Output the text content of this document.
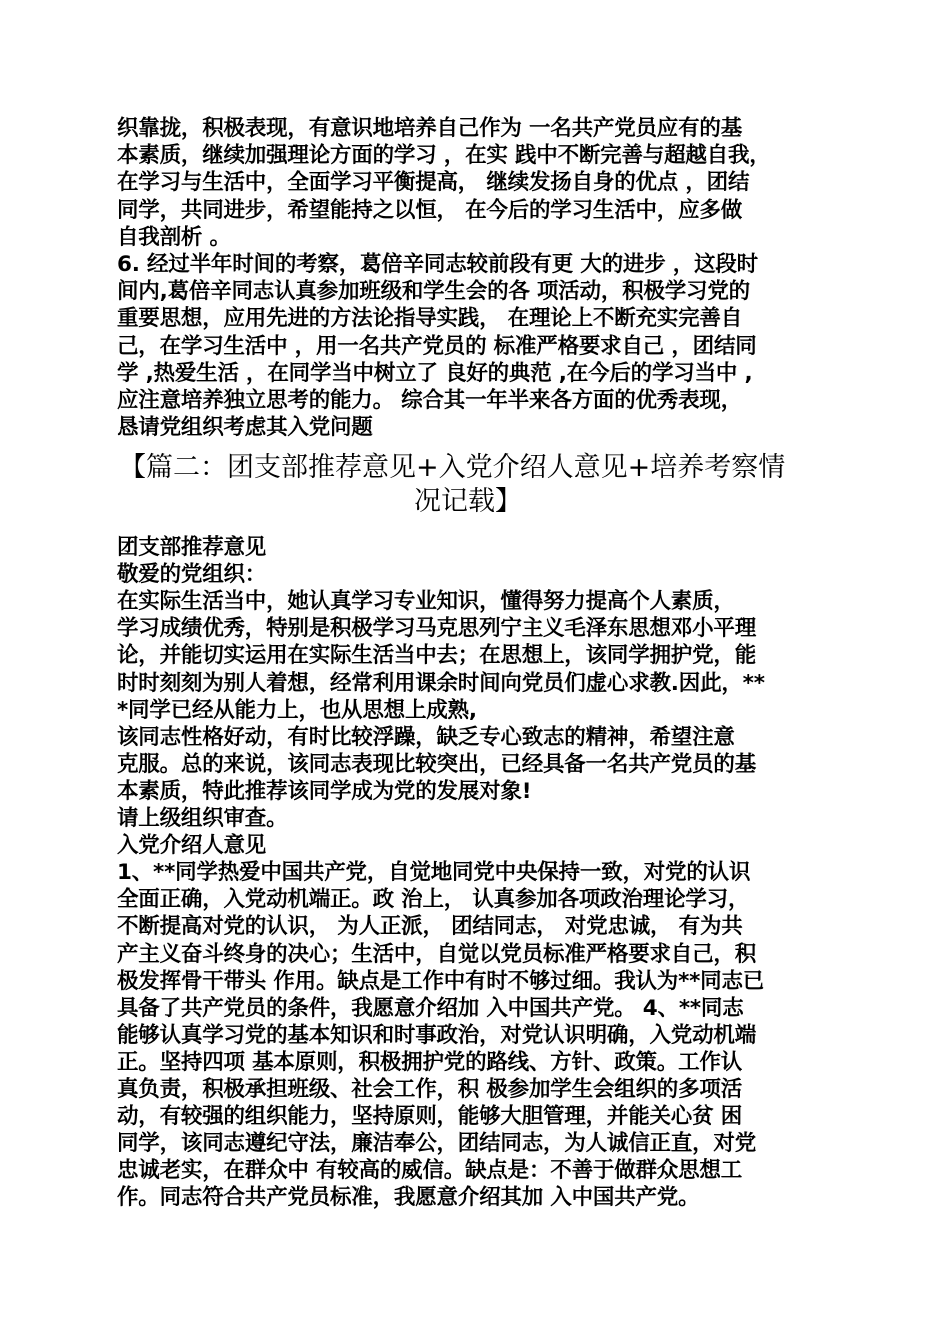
织靠拢，积极表现，有意识地培养自己作为 一名共产党员应有的基
本素质，继续加强理论方面的学习 ，在实 践中不断完善与超越自我，
在学习与生活中，全面学习平衡提高， 继续发扬自身的优点 ，团结
同学，共同进步，希望能持之以恒， 在今后的学习生活中，应多做
自我剖析 。
6. 经过半年时间的考察，葛倍辛同志较前段有更 大的进步 ，这段时
间内,葛倍辛同志认真参加班级和学生会的各 项活动，积极学习党的
重要思想，应用先进的方法论指导实践， 在理论上不断充实完善自
己，在学习生活中 ，用一名共产党员的 标准严格要求自己 ，团结同
学 ,热爱生活 ，在同学当中树立了 良好的典范 ,在今后的学习当中 ,
应注意培养独立思考的能力。 综合其一年半来各方面的优秀表现，
恳请党组织考虑其入党问题
【篇二：团支部推荐意见+入党介绍人意见+培养考察情
况记载】
团支部推荐意见
敬爱的党组织：
在实际生活当中，她认真学习专业知识，懂得努力提高个人素质，
学习成绩优秀，特别是积极学习马克思列宁主义毛泽东思想邓小平理
论，并能切实运用在实际生活当中去；在思想上，该同学拥护党，能
时时刻刻为别人着想，经常利用课余时间向党员们虚心求教.因此，**
*同学已经从能力上，也从思想上成熟,
该同志性格好动，有时比较浮躁，缺乏专心致志的精神，希望注意
克服。总的来说，该同志表现比较突出，已经具备一名共产党员的基
本素质，特此推荐该同学成为党的发展对象!
请上级组织审查。
入党介绍人意见
1、**同学热爱中国共产党，自觉地同党中央保持一致，对党的认识
全面正确，入党动机端正。政 治上， 认真参加各项政治理论学习，
不断提高对党的认识， 为人正派， 团结同志， 对党忠诚， 有为共
产主义奋斗终身的决心；生活中，自觉以党员标准严格要求自己，积
极发挥骨干带头 作用。缺点是工作中有时不够过细。我认为**同志已
具备了共产党员的条件，我愿意介绍加 入中国共产党。 4、**同志
能够认真学习党的基本知识和时事政治，对党认识明确，入党动机端
正。坚持四项 基本原则，积极拥护党的路线、方针、政策。工作认
真负责，积极承担班级、社会工作，积 极参加学生会组织的多项活
动，有较强的组织能力，坚持原则，能够大胆管理，并能关心贫 困
同学，该同志遵纪守法，廉洁奉公，团结同志，为人诚信正直，对党
忠诚老实，在群众中 有较高的威信。缺点是：不善于做群众思想工
作。同志符合共产党员标准，我愿意介绍其加 入中国共产党。
